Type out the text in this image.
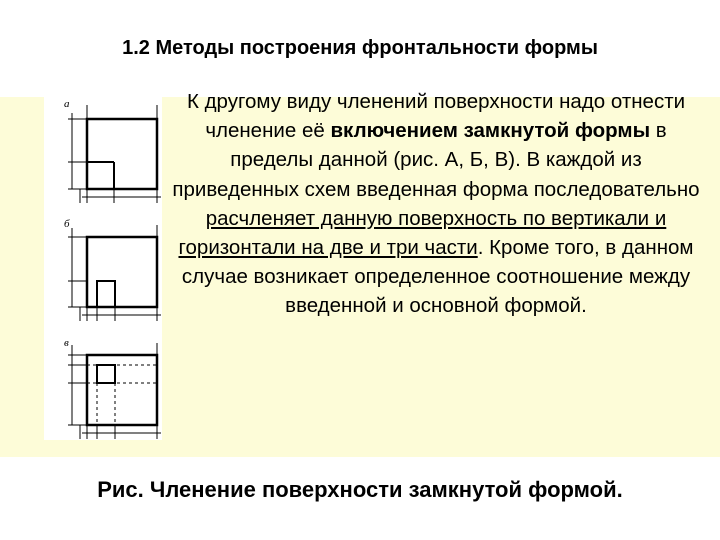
1.2 Методы построения фронтальности формы
а
б
в
К другому виду членений поверхности надо отнести членение её включением замкнутой формы в пределы данной (рис. А, Б, В). В каждой из приведенных схем введенная форма последовательно расчленяет данную поверхность по вертикали и горизонтали на две и три части. Кроме того, в данном случае возникает определенное соотношение между введенной и основной формой.
Рис. Членение поверхности замкнутой формой.
